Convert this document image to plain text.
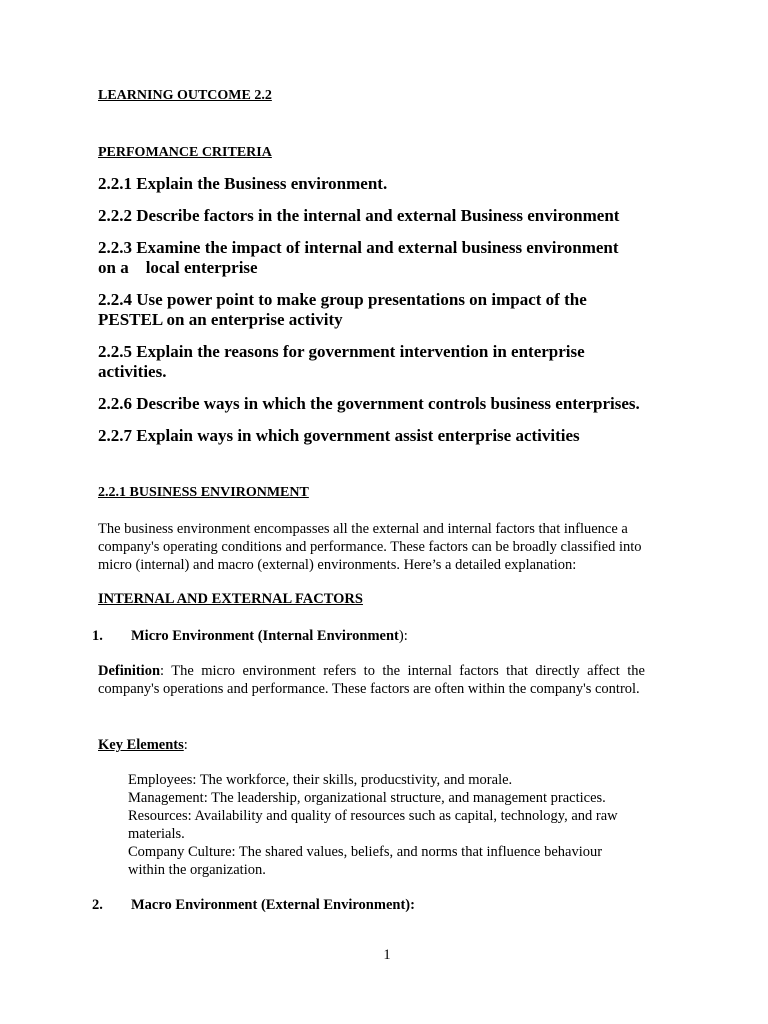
LEARNING OUTCOME 2.2
PERFOMANCE CRITERIA
2.2.1 Explain the Business environment.
2.2.2 Describe factors in the internal and external Business environment
2.2.3 Examine the impact of internal and external business environment
on a    local enterprise
2.2.4 Use power point to make group presentations on impact of the
PESTEL on an enterprise activity
2.2.5 Explain the reasons for government intervention in enterprise
activities.
2.2.6 Describe ways in which the government controls business enterprises.
2.2.7 Explain ways in which government assist enterprise activities
2.2.1 BUSINESS ENVIRONMENT
The business environment encompasses all the external and internal factors that influence a company's operating conditions and performance. These factors can be broadly classified into micro (internal) and macro (external) environments. Here’s a detailed explanation:
INTERNAL AND EXTERNAL FACTORS
1. Micro Environment (Internal Environment):
Definition: The micro environment refers to the internal factors that directly affect the company's operations and performance. These factors are often within the company's control.
Key Elements:
Employees: The workforce, their skills, producstivity, and morale.
Management: The leadership, organizational structure, and management practices.
Resources: Availability and quality of resources such as capital, technology, and raw
materials.
Company Culture: The shared values, beliefs, and norms that influence behaviour
within the organization.
2. Macro Environment (External Environment):
1
